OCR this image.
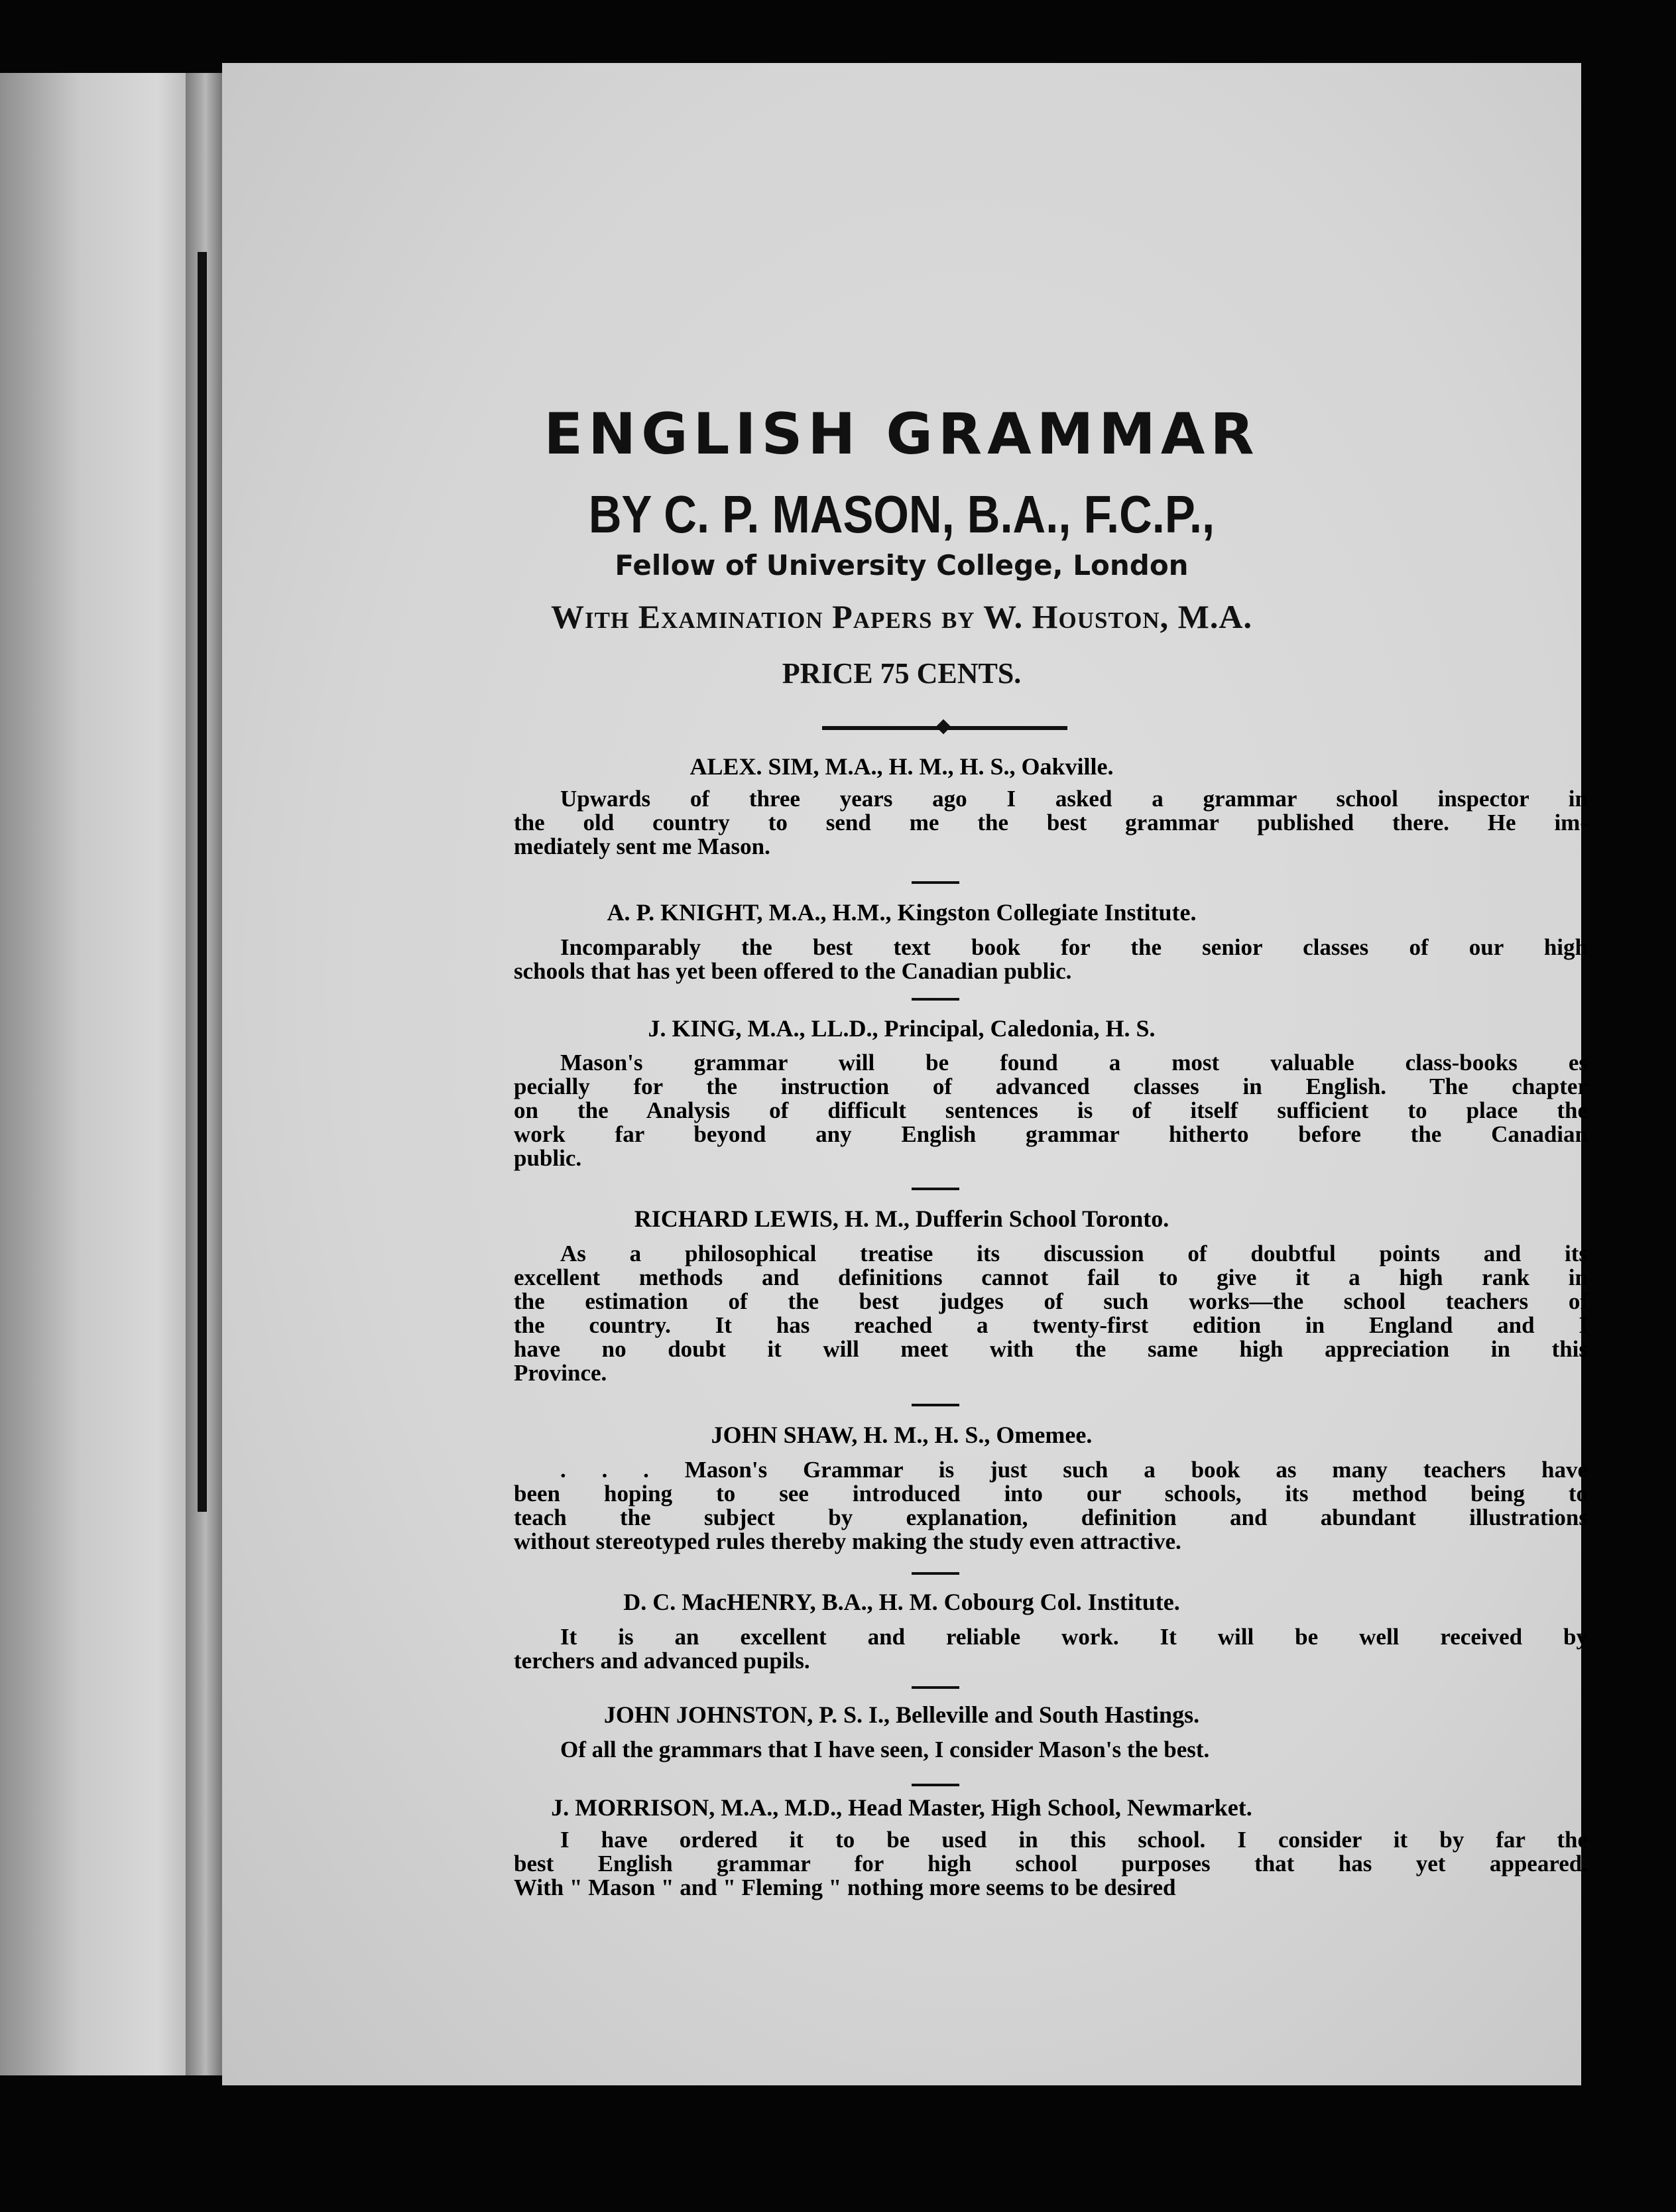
ENGLISH GRAMMAR
BY C. P. MASON, B.A., F.C.P.,
Fellow of University College, London
With Examination Papers by W. Houston, M.A.
PRICE 75 CENTS.
ALEX. SIM, M.A., H. M., H. S., Oakville.
Upwards of three years ago I asked a grammar school inspector in
the old country to send me the best grammar published there. He im-
mediately sent me Mason.
A. P. KNIGHT, M.A., H.M., Kingston Collegiate Institute.
Incomparably the best text book for the senior classes of our high
schools that has yet been offered to the Canadian public.
J. KING, M.A., LL.D., Principal, Caledonia, H. S.
Mason's grammar will be found a most valuable class-books es
pecially for the instruction of advanced classes in English. The chapter
on the Analysis of difficult sentences is of itself sufficient to place the
work far beyond any English grammar hitherto before the Canadian
public.
RICHARD LEWIS, H. M., Dufferin School Toronto.
As a philosophical treatise its discussion of doubtful points and its
excellent methods and definitions cannot fail to give it a high rank in
the estimation of the best judges of such works—the school teachers of
the country. It has reached a twenty-first edition in England and I
have no doubt it will meet with the same high appreciation in this
Province.
JOHN SHAW, H. M., H. S., Omemee.
. . . Mason's Grammar is just such a book as many teachers have
been hoping to see introduced into our schools, its method being to
teach the subject by explanation, definition and abundant illustrations
without stereotyped rules thereby making the study even attractive.
D. C. MacHENRY, B.A., H. M. Cobourg Col. Institute.
It is an excellent and reliable work. It will be well received by
terchers and advanced pupils.
JOHN JOHNSTON, P. S. I., Belleville and South Hastings.
Of all the grammars that I have seen, I consider Mason's the best.
J. MORRISON, M.A., M.D., Head Master, High School, Newmarket.
I have ordered it to be used in this school. I consider it by far the
best English grammar for high school purposes that has yet appeared.
With " Mason " and " Fleming " nothing more seems to be desired
